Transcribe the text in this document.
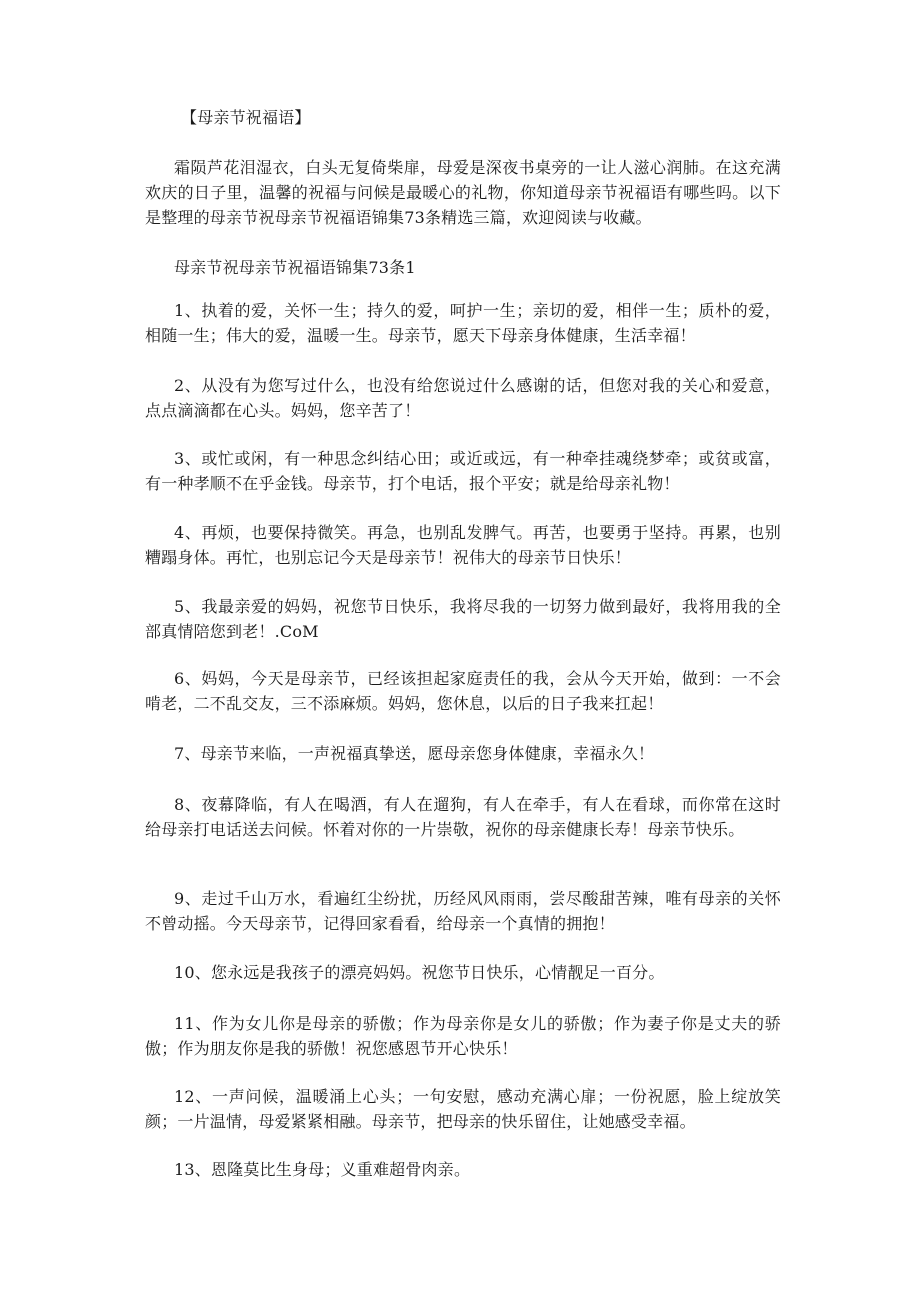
【母亲节祝福语】

霜陨芦花泪湿衣，白头无复倚柴扉，母爱是深夜书桌旁的一让人滋心润肺。在这充满欢庆的日子里，温馨的祝福与问候是最暖心的礼物，你知道母亲节祝福语有哪些吗。以下是整理的母亲节祝母亲节祝福语锦集73条精选三篇，欢迎阅读与收藏。

母亲节祝母亲节祝福语锦集73条1

1、执着的爱，关怀一生；持久的爱，呵护一生；亲切的爱，相伴一生；质朴的爱，相随一生；伟大的爱，温暖一生。母亲节，愿天下母亲身体健康，生活幸福！

2、从没有为您写过什么，也没有给您说过什么感谢的话，但您对我的关心和爱意，点点滴滴都在心头。妈妈，您辛苦了！

3、或忙或闲，有一种思念纠结心田；或近或远，有一种牵挂魂绕梦牵；或贫或富，有一种孝顺不在乎金钱。母亲节，打个电话，报个平安；就是给母亲礼物！

4、再烦，也要保持微笑。再急，也别乱发脾气。再苦，也要勇于坚持。再累，也别糟蹋身体。再忙，也别忘记今天是母亲节！祝伟大的母亲节日快乐！

5、我最亲爱的妈妈，祝您节日快乐，我将尽我的一切努力做到最好，我将用我的全部真情陪您到老！.CoM

6、妈妈，今天是母亲节，已经该担起家庭责任的我，会从今天开始，做到：一不会啃老，二不乱交友，三不添麻烦。妈妈，您休息，以后的日子我来扛起！

7、母亲节来临，一声祝福真挚送，愿母亲您身体健康，幸福永久！

8、夜幕降临，有人在喝酒，有人在遛狗，有人在牵手，有人在看球，而你常在这时给母亲打电话送去问候。怀着对你的一片崇敬，祝你的母亲健康长寿！母亲节快乐。

9、走过千山万水，看遍红尘纷扰，历经风风雨雨，尝尽酸甜苦辣，唯有母亲的关怀不曾动摇。今天母亲节，记得回家看看，给母亲一个真情的拥抱！

10、您永远是我孩子的漂亮妈妈。祝您节日快乐，心情靓足一百分。

11、作为女儿你是母亲的骄傲；作为母亲你是女儿的骄傲；作为妻子你是丈夫的骄傲；作为朋友你是我的骄傲！祝您感恩节开心快乐！

12、一声问候，温暖涌上心头；一句安慰，感动充满心扉；一份祝愿，脸上绽放笑颜；一片温情，母爱紧紧相融。母亲节，把母亲的快乐留住，让她感受幸福。

13、恩隆莫比生身母；义重难超骨肉亲。
